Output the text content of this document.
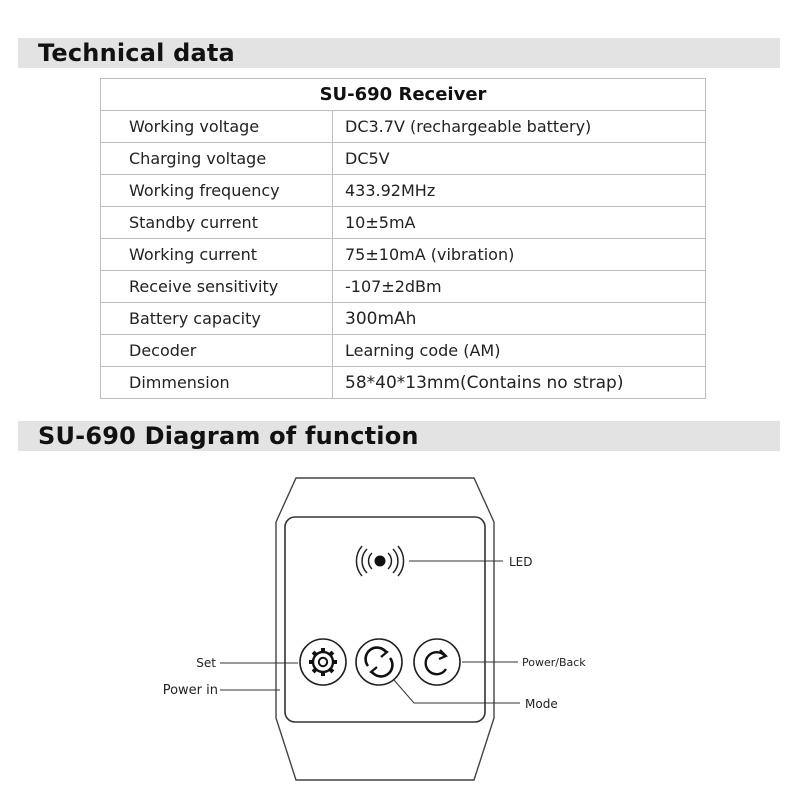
Technical data
SU-690 Receiver	
Working voltage	DC3.7V (rechargeable battery)
Charging voltage	DC5V
Working frequency	433.92MHz
Standby current	10±5mA
Working current	75±10mA (vibration)
Receive sensitivity	-107±2dBm
Battery capacity	300mAh
Decoder	Learning code (AM)
Dimmension	58*40*13mm(Contains no strap)
SU-690 Diagram of function
LED
Set
Power in
Power/Back
Mode
